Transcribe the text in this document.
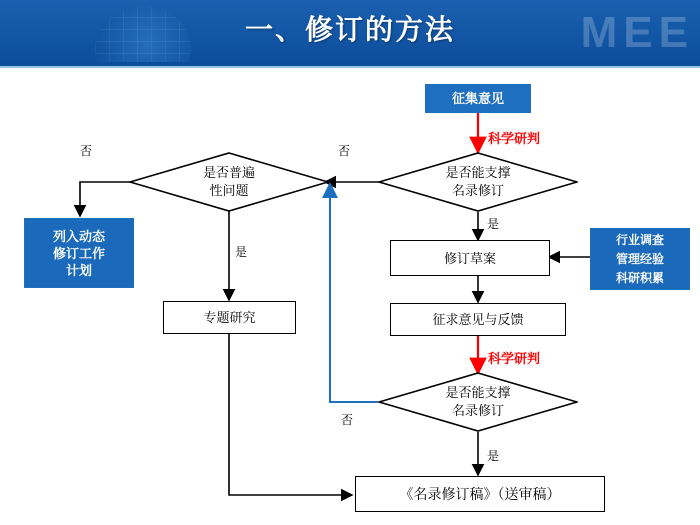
MEE
一、修订的方法
征集意见
科学研判
是否能支撑
名录修订
是否普遍
性问题
列入动态
修订工作
计划
专题研究
修订草案
行业调查
管理经验
科研积累
征求意见与反馈
科学研判
是否能支撑
名录修订
《名录修订稿》（送审稿）
否	否
是
是
否
是
